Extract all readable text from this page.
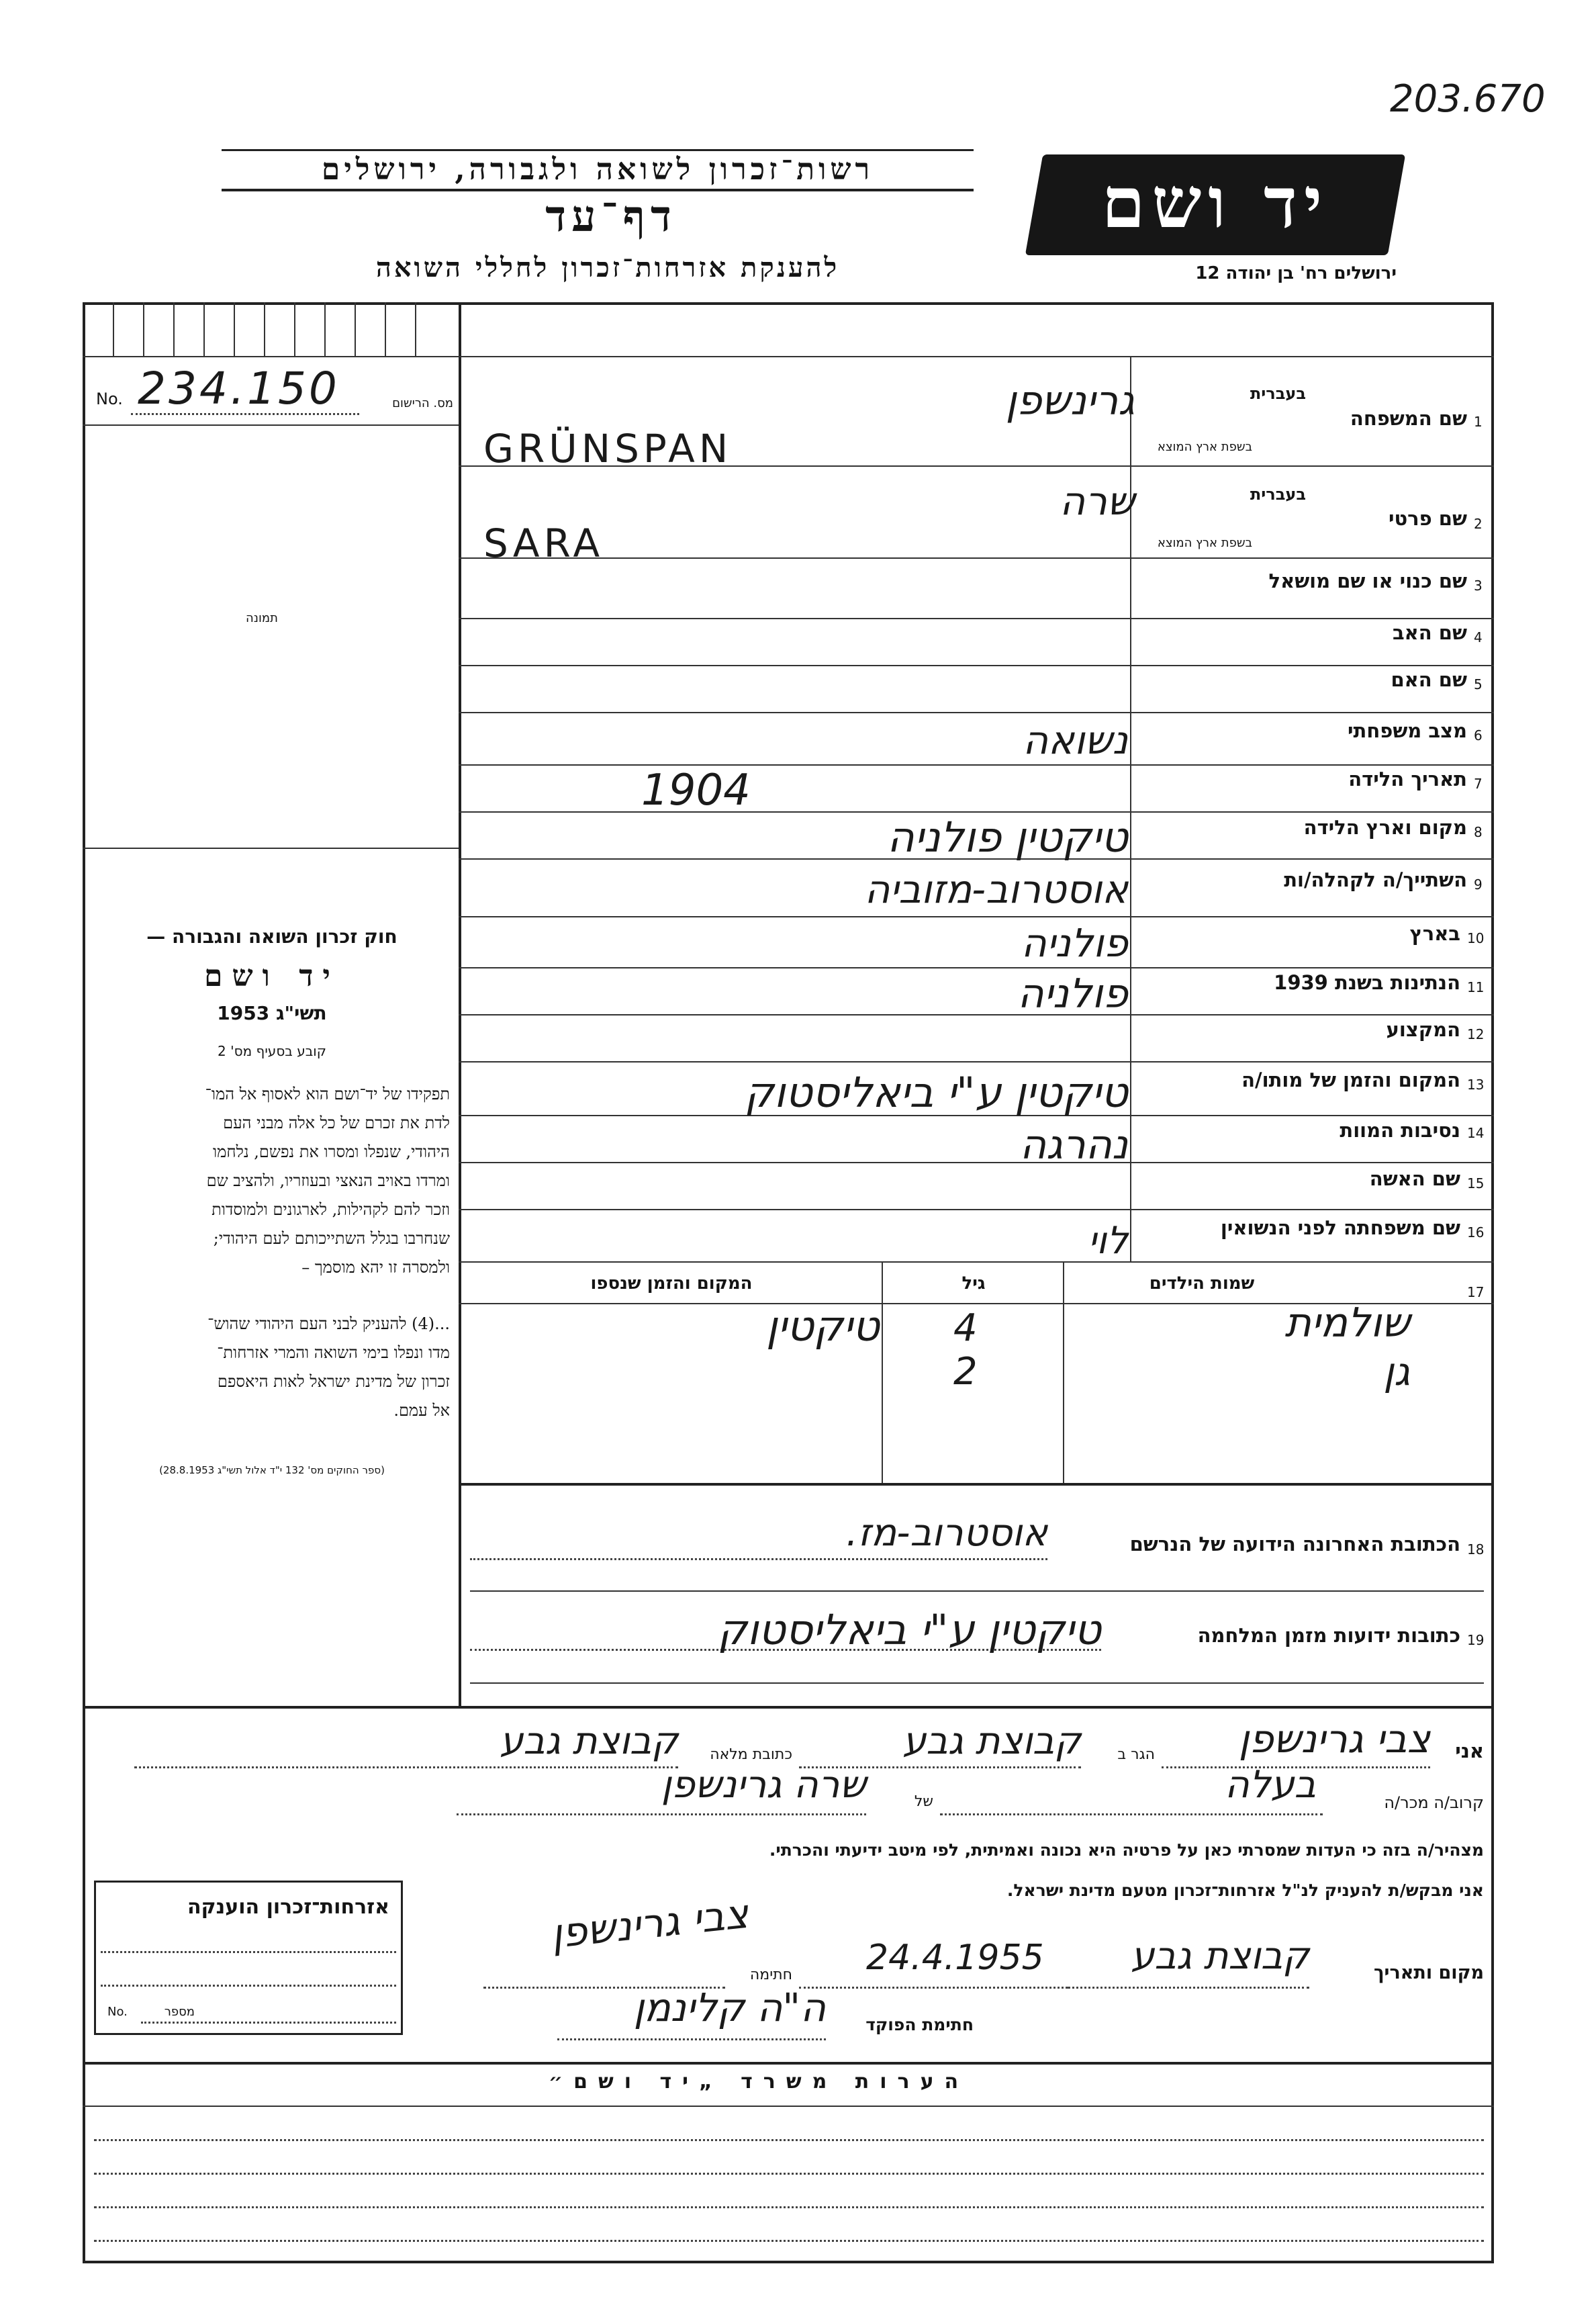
203.670
רשות־זכרון לשואה ולגבורה, ירושלים
דף־עד
להענקת אזרחות־זכרון לחללי השואה
יד ושם
ירושלים רח' בן יהודה 12
No.	מס. הרישום
234.150
תמונה
חוק זכרון השואה והגבורה —
יד ושם
תשי"ג 1953
קובע בסעיף מס' 2
תפקידו של יד־ושם הוא לאסוף אל המו־
לדת את זכרם של כל אלה מבני העם
היהודי, שנפלו ומסרו את נפשם, נלחמו
ומרדו באויב הנאצי ובעוזריו, ולהציב שם
וזכר להם לקהילות, לארגונים ולמוסדות
שנחרבו בגלל השתייכותם לעם היהודי;
ולמסרה זו יהא מוסמך –
...(4) להעניק לבני העם היהודי שהוש־
מדו ונפלו בימי השואה והמרי אזרחות־
זכרון של מדינת ישראל לאות היאספם
אל עמם.
(ספר החוקים מס' 132 י"ד אלול תשי"ג 28.8.1953)
1
שם המשפחה
בעברית
בשפת ארץ המוצא
2
שם פרטי
בעברית
בשפת ארץ המוצא
3
שם כנוי או שם מושאל
4
שם האב
5
שם האם
6
מצב משפחתי
7
תאריך הלידה
8
מקום וארץ הלידה
9
השתייך/ה לקהלה/ות
10
בארץ
11
הנתינות בשנת 1939
12
המקצוע
13
המקום והזמן של מותו/ה
14
נסיבות המוות
15
שם האשה
16
שם משפחתה לפני הנשואין
גרינשפן
GRÜNSPAN
שרה
SARA
נשואה
1904
טיקטין פולניה
אוסטרוב-מזוביה
פולניה
פולניה
טיקטין ע"י ביאליסטוק
נהרגה
לוי
17
שמות הילדים
גיל
המקום והזמן שנספו
שולמית
4
טיקטין
גן
2
18
הכתובת האחרונה הידועה של הנרשם
אוסטרוב-מז.
19
כתובות ידועות מזמן המלחמה
טיקטין ע"י ביאליסטוק
אני
צבי גרינשפן
הגר ב
קבוצת גבע
כתובת מלאה
קבוצת גבע
קרוב/ה מכר/ה
בעלה
של
שרה גרינשפן
מצהיר/ה בזה כי העדות שמסרתי כאן על פרטיה היא נכונה ואמיתית, לפי מיטב ידיעתי והכרתי.
אני מבקש/ת להעניק לנ"ל אזרחות־זכרון מטעם מדינת ישראל.
מקום ותאריך
קבוצת גבע
24.4.1955
חתימה
צבי גרינשפן
חתימת הפוקד
ה"ה קלינמן
אזרחות־זכרון הוענקה
No.	מספר
הערות משרד „יד ושם״
